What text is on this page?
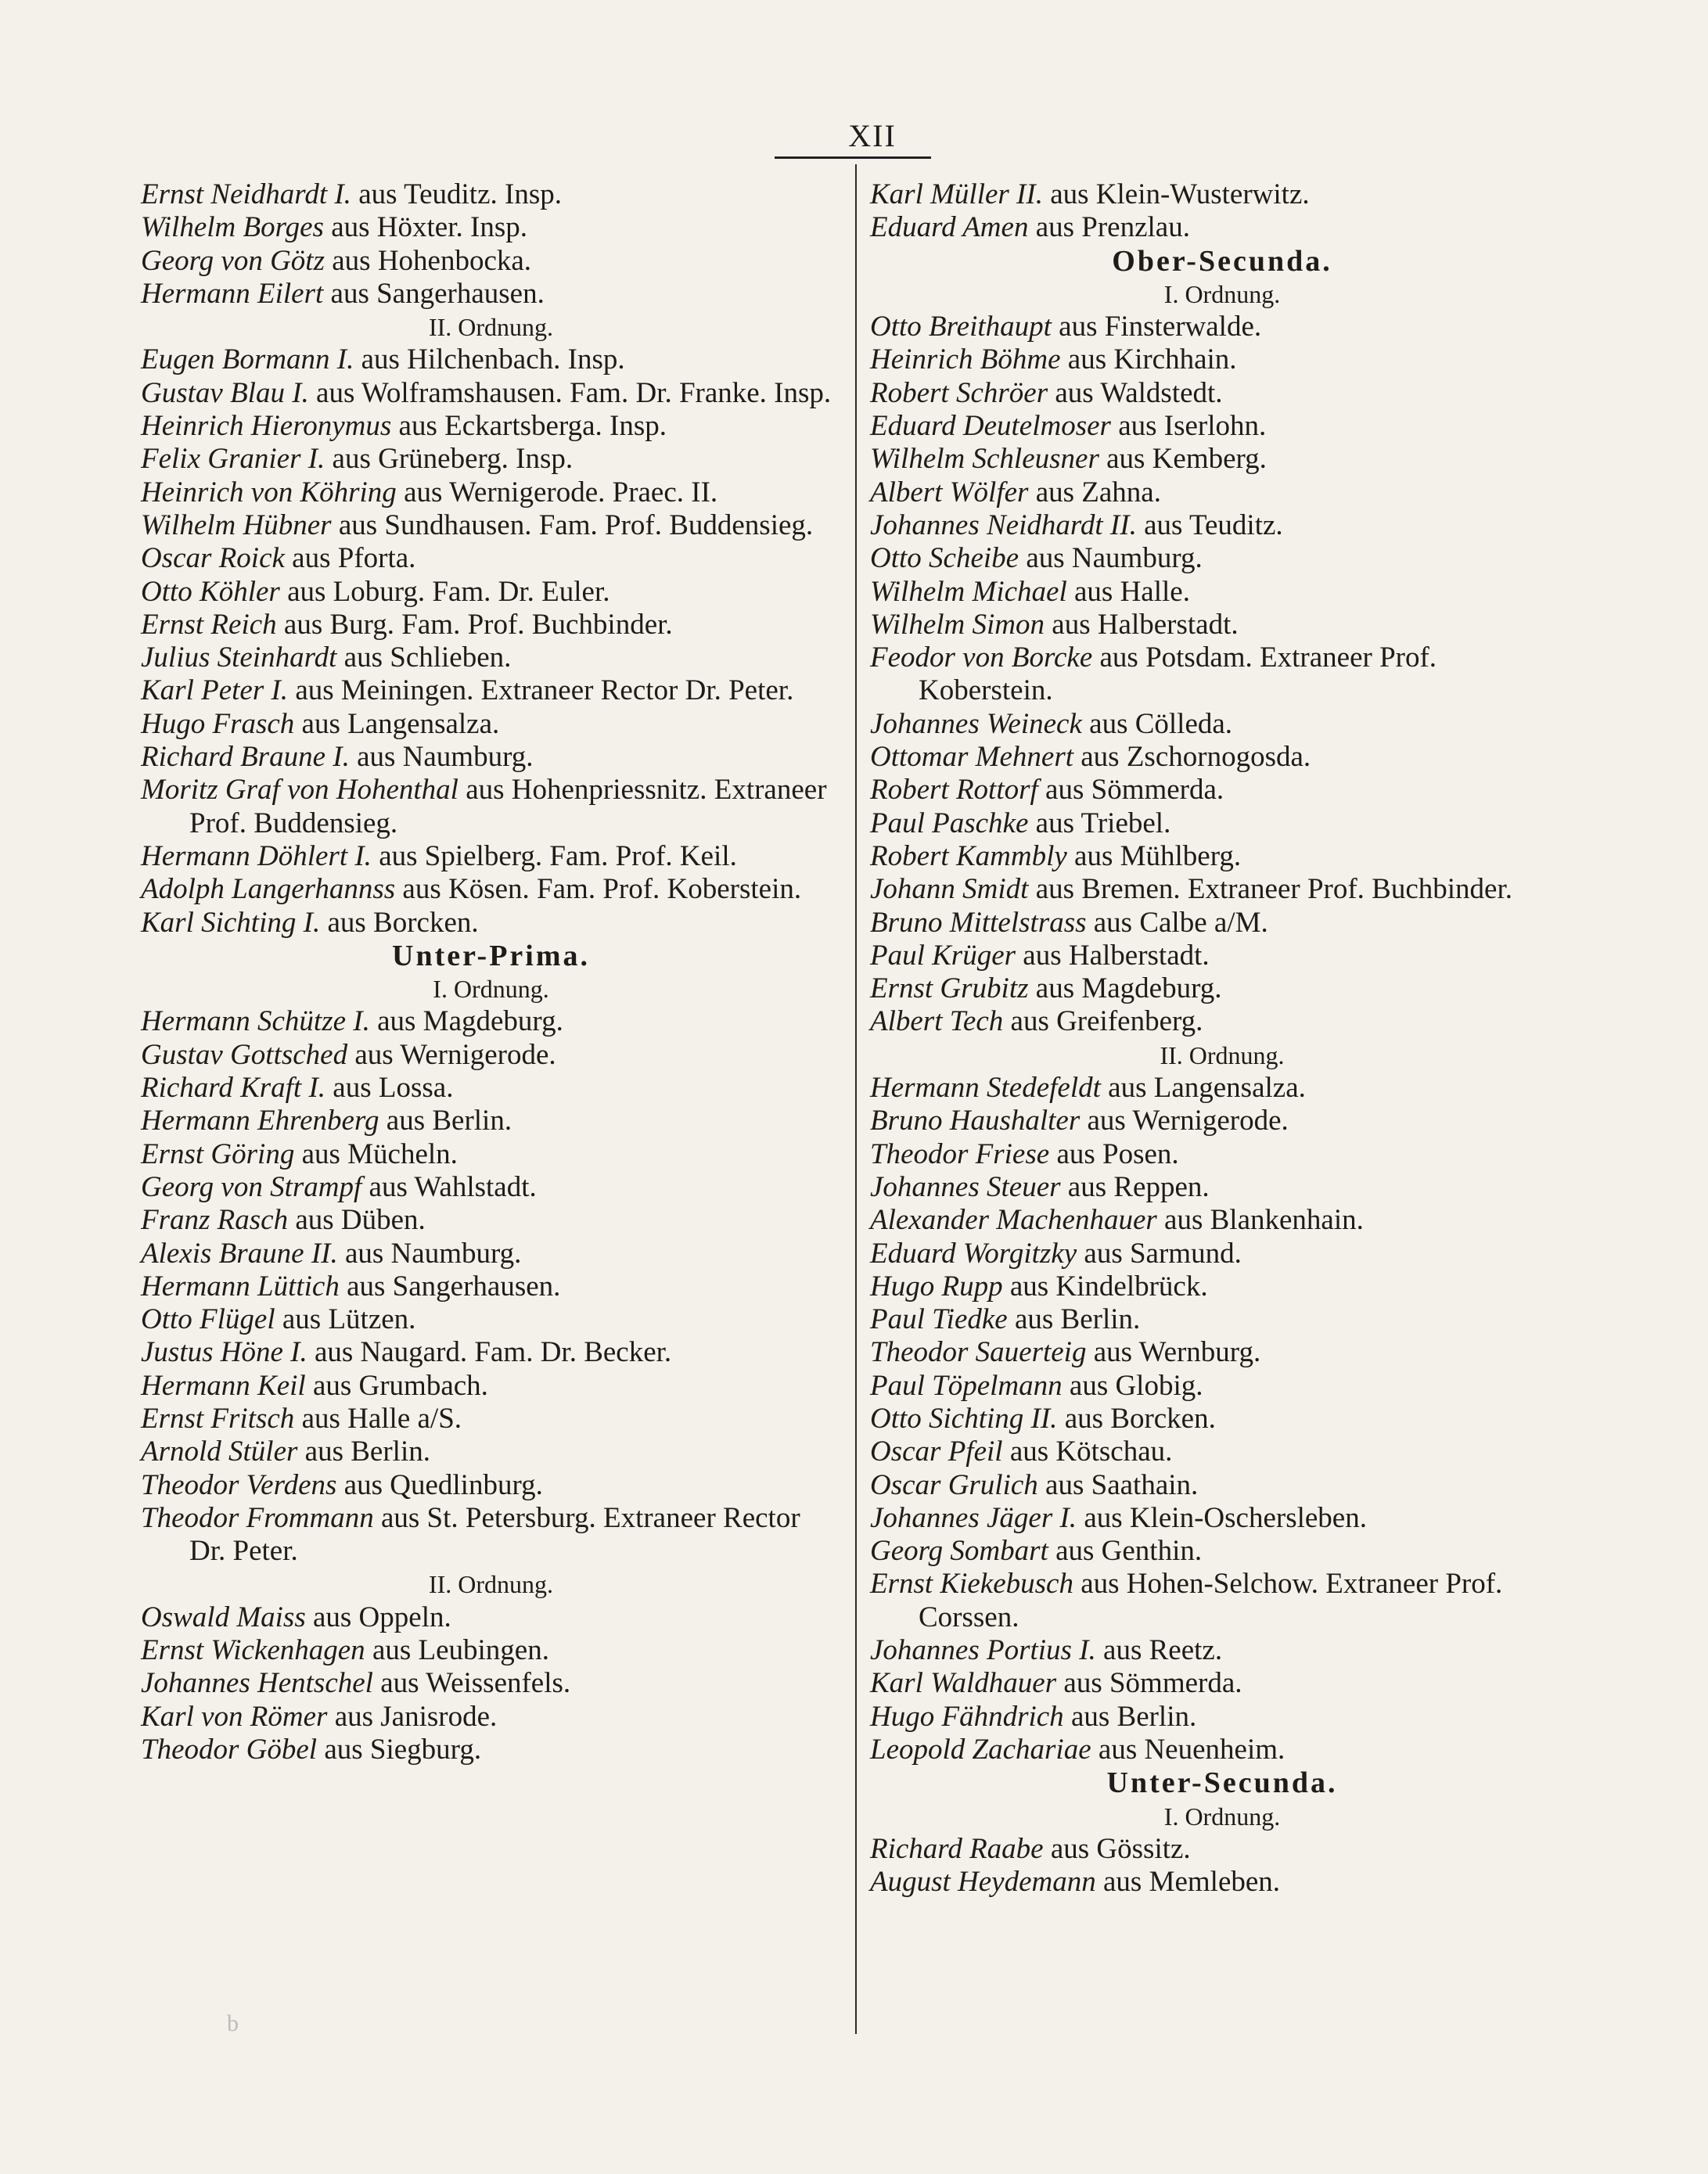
XII
Ernst Neidhardt I. aus Teuditz. Insp.
Wilhelm Borges aus Höxter. Insp.
Georg von Götz aus Hohenbocka.
Hermann Eilert aus Sangerhausen.
II. Ordnung.
Eugen Bormann I. aus Hilchenbach. Insp.
Gustav Blau I. aus Wolframshausen. Fam. Dr. Franke. Insp.
Heinrich Hieronymus aus Eckartsberga. Insp.
Felix Granier I. aus Grüneberg. Insp.
Heinrich von Köhring aus Wernigerode. Praec. II.
Wilhelm Hübner aus Sundhausen. Fam. Prof. Buddensieg.
Oscar Roick aus Pforta.
Otto Köhler aus Loburg. Fam. Dr. Euler.
Ernst Reich aus Burg. Fam. Prof. Buchbinder.
Julius Steinhardt aus Schlieben.
Karl Peter I. aus Meiningen. Extraneer Rector Dr. Peter.
Hugo Frasch aus Langensalza.
Richard Braune I. aus Naumburg.
Moritz Graf von Hohenthal aus Hohenpriessnitz. Extraneer Prof. Buddensieg.
Hermann Döhlert I. aus Spielberg. Fam. Prof. Keil.
Adolph Langerhannss aus Kösen. Fam. Prof. Koberstein.
Karl Sichting I. aus Borcken.
Unter-Prima.
I. Ordnung.
Hermann Schütze I. aus Magdeburg.
Gustav Gottsched aus Wernigerode.
Richard Kraft I. aus Lossa.
Hermann Ehrenberg aus Berlin.
Ernst Göring aus Mücheln.
Georg von Strampf aus Wahlstadt.
Franz Rasch aus Düben.
Alexis Braune II. aus Naumburg.
Hermann Lüttich aus Sangerhausen.
Otto Flügel aus Lützen.
Justus Höne I. aus Naugard. Fam. Dr. Becker.
Hermann Keil aus Grumbach.
Ernst Fritsch aus Halle a/S.
Arnold Stüler aus Berlin.
Theodor Verdens aus Quedlinburg.
Theodor Frommann aus St. Petersburg. Extraneer Rector Dr. Peter.
II. Ordnung.
Oswald Maiss aus Oppeln.
Ernst Wickenhagen aus Leubingen.
Johannes Hentschel aus Weissenfels.
Karl von Römer aus Janisrode.
Theodor Göbel aus Siegburg.
Karl Müller II. aus Klein-Wusterwitz.
Eduard Amen aus Prenzlau.
Ober-Secunda.
I. Ordnung.
Otto Breithaupt aus Finsterwalde.
Heinrich Böhme aus Kirchhain.
Robert Schröer aus Waldstedt.
Eduard Deutelmoser aus Iserlohn.
Wilhelm Schleusner aus Kemberg.
Albert Wölfer aus Zahna.
Johannes Neidhardt II. aus Teuditz.
Otto Scheibe aus Naumburg.
Wilhelm Michael aus Halle.
Wilhelm Simon aus Halberstadt.
Feodor von Borcke aus Potsdam. Extraneer Prof. Koberstein.
Johannes Weineck aus Cölleda.
Ottomar Mehnert aus Zschornogosda.
Robert Rottorf aus Sömmerda.
Paul Paschke aus Triebel.
Robert Kammbly aus Mühlberg.
Johann Smidt aus Bremen. Extraneer Prof. Buchbinder.
Bruno Mittelstrass aus Calbe a/M.
Paul Krüger aus Halberstadt.
Ernst Grubitz aus Magdeburg.
Albert Tech aus Greifenberg.
II. Ordnung.
Hermann Stedefeldt aus Langensalza.
Bruno Haushalter aus Wernigerode.
Theodor Friese aus Posen.
Johannes Steuer aus Reppen.
Alexander Machenhauer aus Blankenhain.
Eduard Worgitzky aus Sarmund.
Hugo Rupp aus Kindelbrück.
Paul Tiedke aus Berlin.
Theodor Sauerteig aus Wernburg.
Paul Töpelmann aus Globig.
Otto Sichting II. aus Borcken.
Oscar Pfeil aus Kötschau.
Oscar Grulich aus Saathain.
Johannes Jäger I. aus Klein-Oschersleben.
Georg Sombart aus Genthin.
Ernst Kiekebusch aus Hohen-Selchow. Extraneer Prof. Corssen.
Johannes Portius I. aus Reetz.
Karl Waldhauer aus Sömmerda.
Hugo Fähndrich aus Berlin.
Leopold Zachariae aus Neuenheim.
Unter-Secunda.
I. Ordnung.
Richard Raabe aus Gössitz.
August Heydemann aus Memleben.
b
